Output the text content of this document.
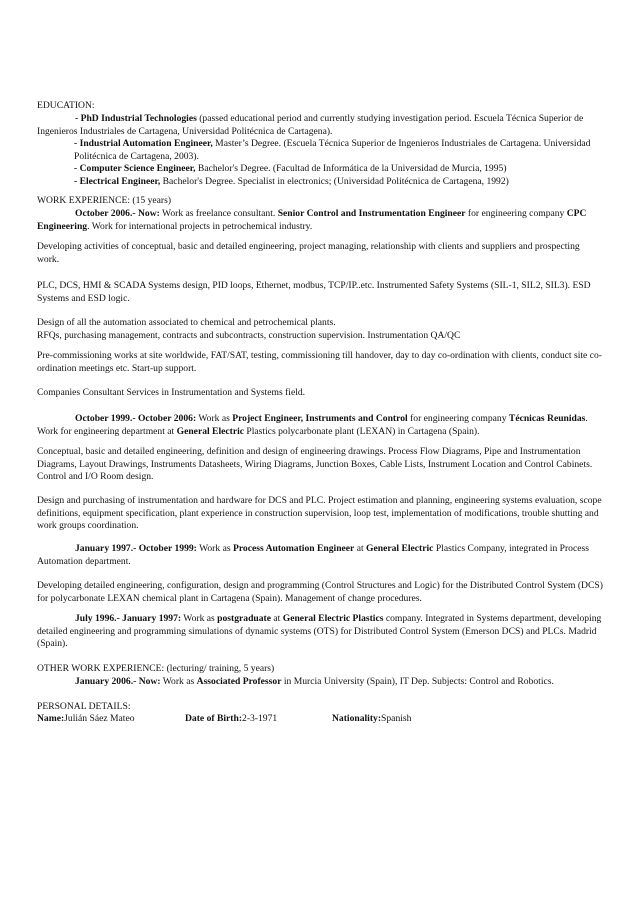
EDUCATION:

- PhD Industrial Technologies (passed educational period and currently studying investigation period. Escuela Técnica Superior de Ingenieros Industriales de Cartagena, Universidad Politécnica de Cartagena).

- Industrial Automation Engineer, Master’s Degree. (Escuela Técnica Superior de Ingenieros Industriales de Cartagena. Universidad Politécnica de Cartagena, 2003).

- Computer Science Engineer, Bachelor's Degree. (Facultad de Informática de la Universidad de Murcia, 1995)

- Electrical Engineer, Bachelor's Degree. Specialist in electronics; (Universidad Politécnica de Cartagena, 1992)

WORK EXPERIENCE: (15 years)

October 2006.- Now: Work as freelance consultant. Senior Control and Instrumentation Engineer for engineering company CPC Engineering. Work for international projects in petrochemical industry.

Developing activities of conceptual, basic and detailed engineering, project managing, relationship with clients and suppliers and prospecting work.

PLC, DCS, HMI & SCADA Systems design, PID loops, Ethernet, modbus, TCP/IP..etc. Instrumented Safety Systems (SIL-1, SIL2, SIL3). ESD Systems and ESD logic.

Design of all the automation associated to chemical and petrochemical plants.

RFQs, purchasing management, contracts and subcontracts, construction supervision. Instrumentation QA/QC

Pre-commissioning works at site worldwide, FAT/SAT, testing, commissioning till handover, day to day co-ordination with clients, conduct site co-ordination meetings etc. Start-up support.

Companies Consultant Services in Instrumentation and Systems field.

October 1999.- October 2006: Work as Project Engineer, Instruments and Control for engineering company Técnicas Reunidas. Work for engineering department at General Electric Plastics polycarbonate plant (LEXAN) in Cartagena (Spain).

Conceptual, basic and detailed engineering, definition and design of engineering drawings. Process Flow Diagrams, Pipe and Instrumentation Diagrams, Layout Drawings, Instruments Datasheets, Wiring Diagrams, Junction Boxes, Cable Lists, Instrument Location and Control Cabinets. Control and I/O Room design.

Design and purchasing of instrumentation and hardware for DCS and PLC. Project estimation and planning, engineering systems evaluation, scope definitions, equipment specification, plant experience in construction supervision, loop test, implementation of modifications, trouble shutting and work groups coordination.

January 1997.- October 1999: Work as Process Automation Engineer at General Electric Plastics Company, integrated in Process Automation department.

Developing detailed engineering, configuration, design and programming (Control Structures and Logic) for the Distributed Control System (DCS) for polycarbonate LEXAN chemical plant in Cartagena (Spain). Management of change procedures.

July 1996.- January 1997: Work as postgraduate at General Electric Plastics company. Integrated in Systems department, developing detailed engineering and programming simulations of dynamic systems (OTS) for Distributed Control System (Emerson DCS) and PLCs. Madrid (Spain).

OTHER WORK EXPERIENCE: (lecturing/ training, 5 years)

January 2006.- Now: Work as Associated Professor in Murcia University (Spain), IT Dep. Subjects: Control and Robotics.

PERSONAL DETAILS:

Name: Julián Sáez Mateo	Date of Birth: 2-3-1971	Nationality: Spanish
